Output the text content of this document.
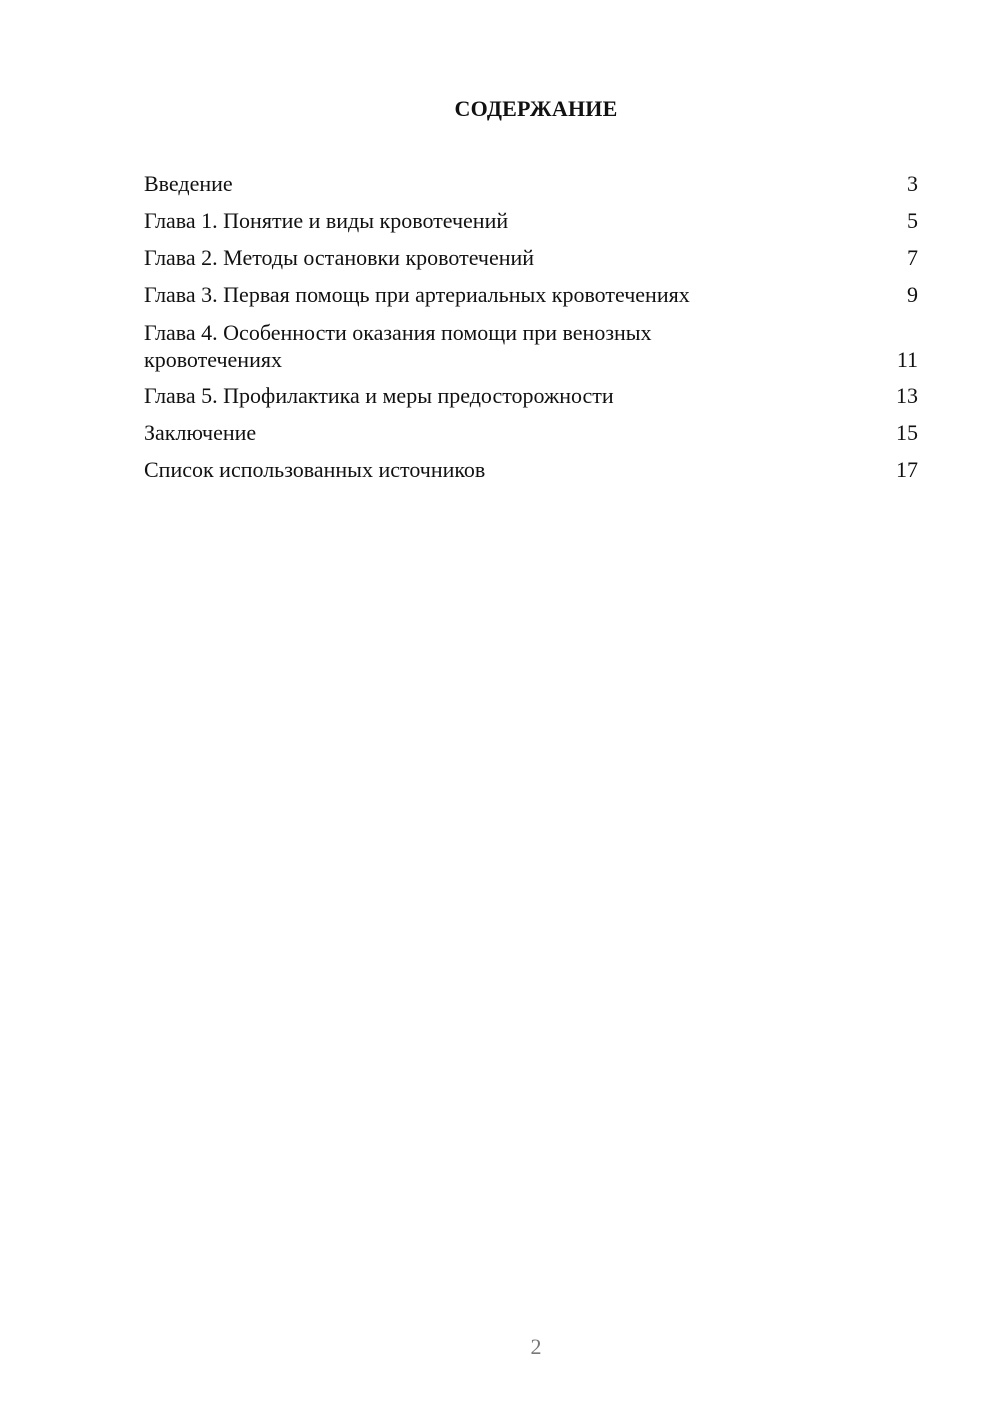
СОДЕРЖАНИЕ
Введение	3
Глава 1. Понятие и виды кровотечений	5
Глава 2. Методы остановки кровотечений	7
Глава 3. Первая помощь при артериальных кровотечениях	9
Глава 4. Особенности оказания помощи при венозных кровотечениях	11
Глава 5. Профилактика и меры предосторожности	13
Заключение	15
Список использованных источников	17
2
